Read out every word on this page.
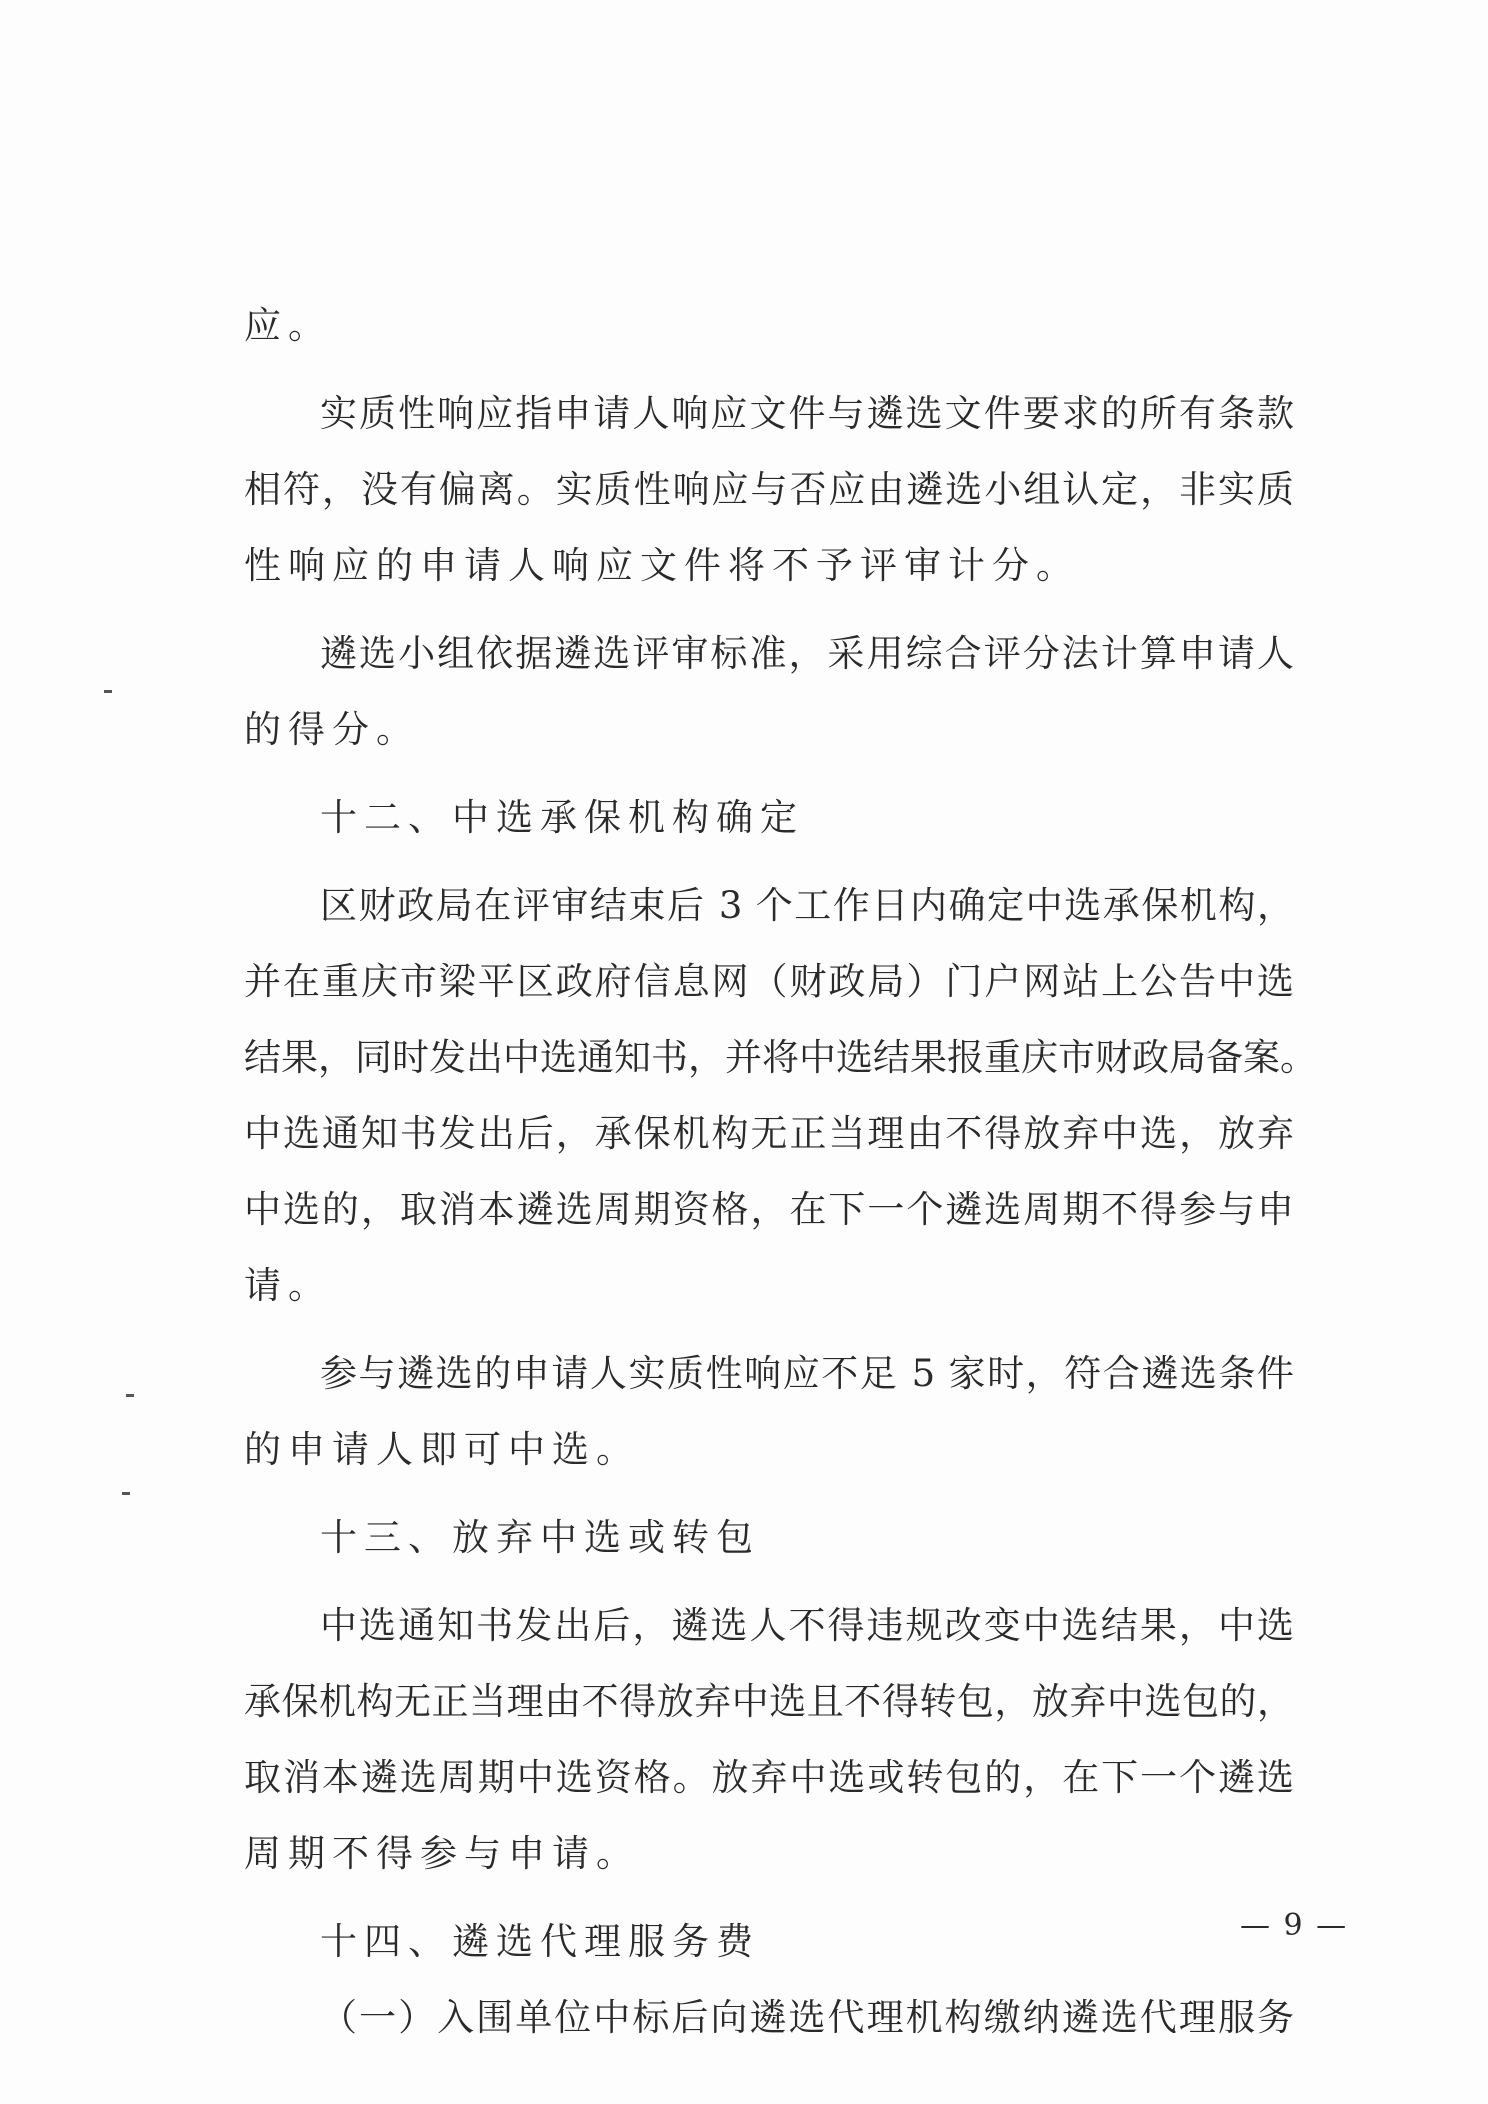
应。
实质性响应指申请人响应文件与遴选文件要求的所有条款
相符，没有偏离。实质性响应与否应由遴选小组认定，非实质
性响应的申请人响应文件将不予评审计分。
遴选小组依据遴选评审标准，采用综合评分法计算申请人
的得分。
十二、中选承保机构确定
区财政局在评审结束后 3 个工作日内确定中选承保机构，
并在重庆市梁平区政府信息网（财政局）门户网站上公告中选
结果，同时发出中选通知书，并将中选结果报重庆市财政局备案。
中选通知书发出后，承保机构无正当理由不得放弃中选，放弃
中选的，取消本遴选周期资格，在下一个遴选周期不得参与申
请。
参与遴选的申请人实质性响应不足 5 家时，符合遴选条件
的申请人即可中选。
十三、放弃中选或转包
中选通知书发出后，遴选人不得违规改变中选结果，中选
承保机构无正当理由不得放弃中选且不得转包，放弃中选包的，
取消本遴选周期中选资格。放弃中选或转包的，在下一个遴选
周期不得参与申请。
十四、遴选代理服务费
（一）入围单位中标后向遴选代理机构缴纳遴选代理服务
— 9 —
